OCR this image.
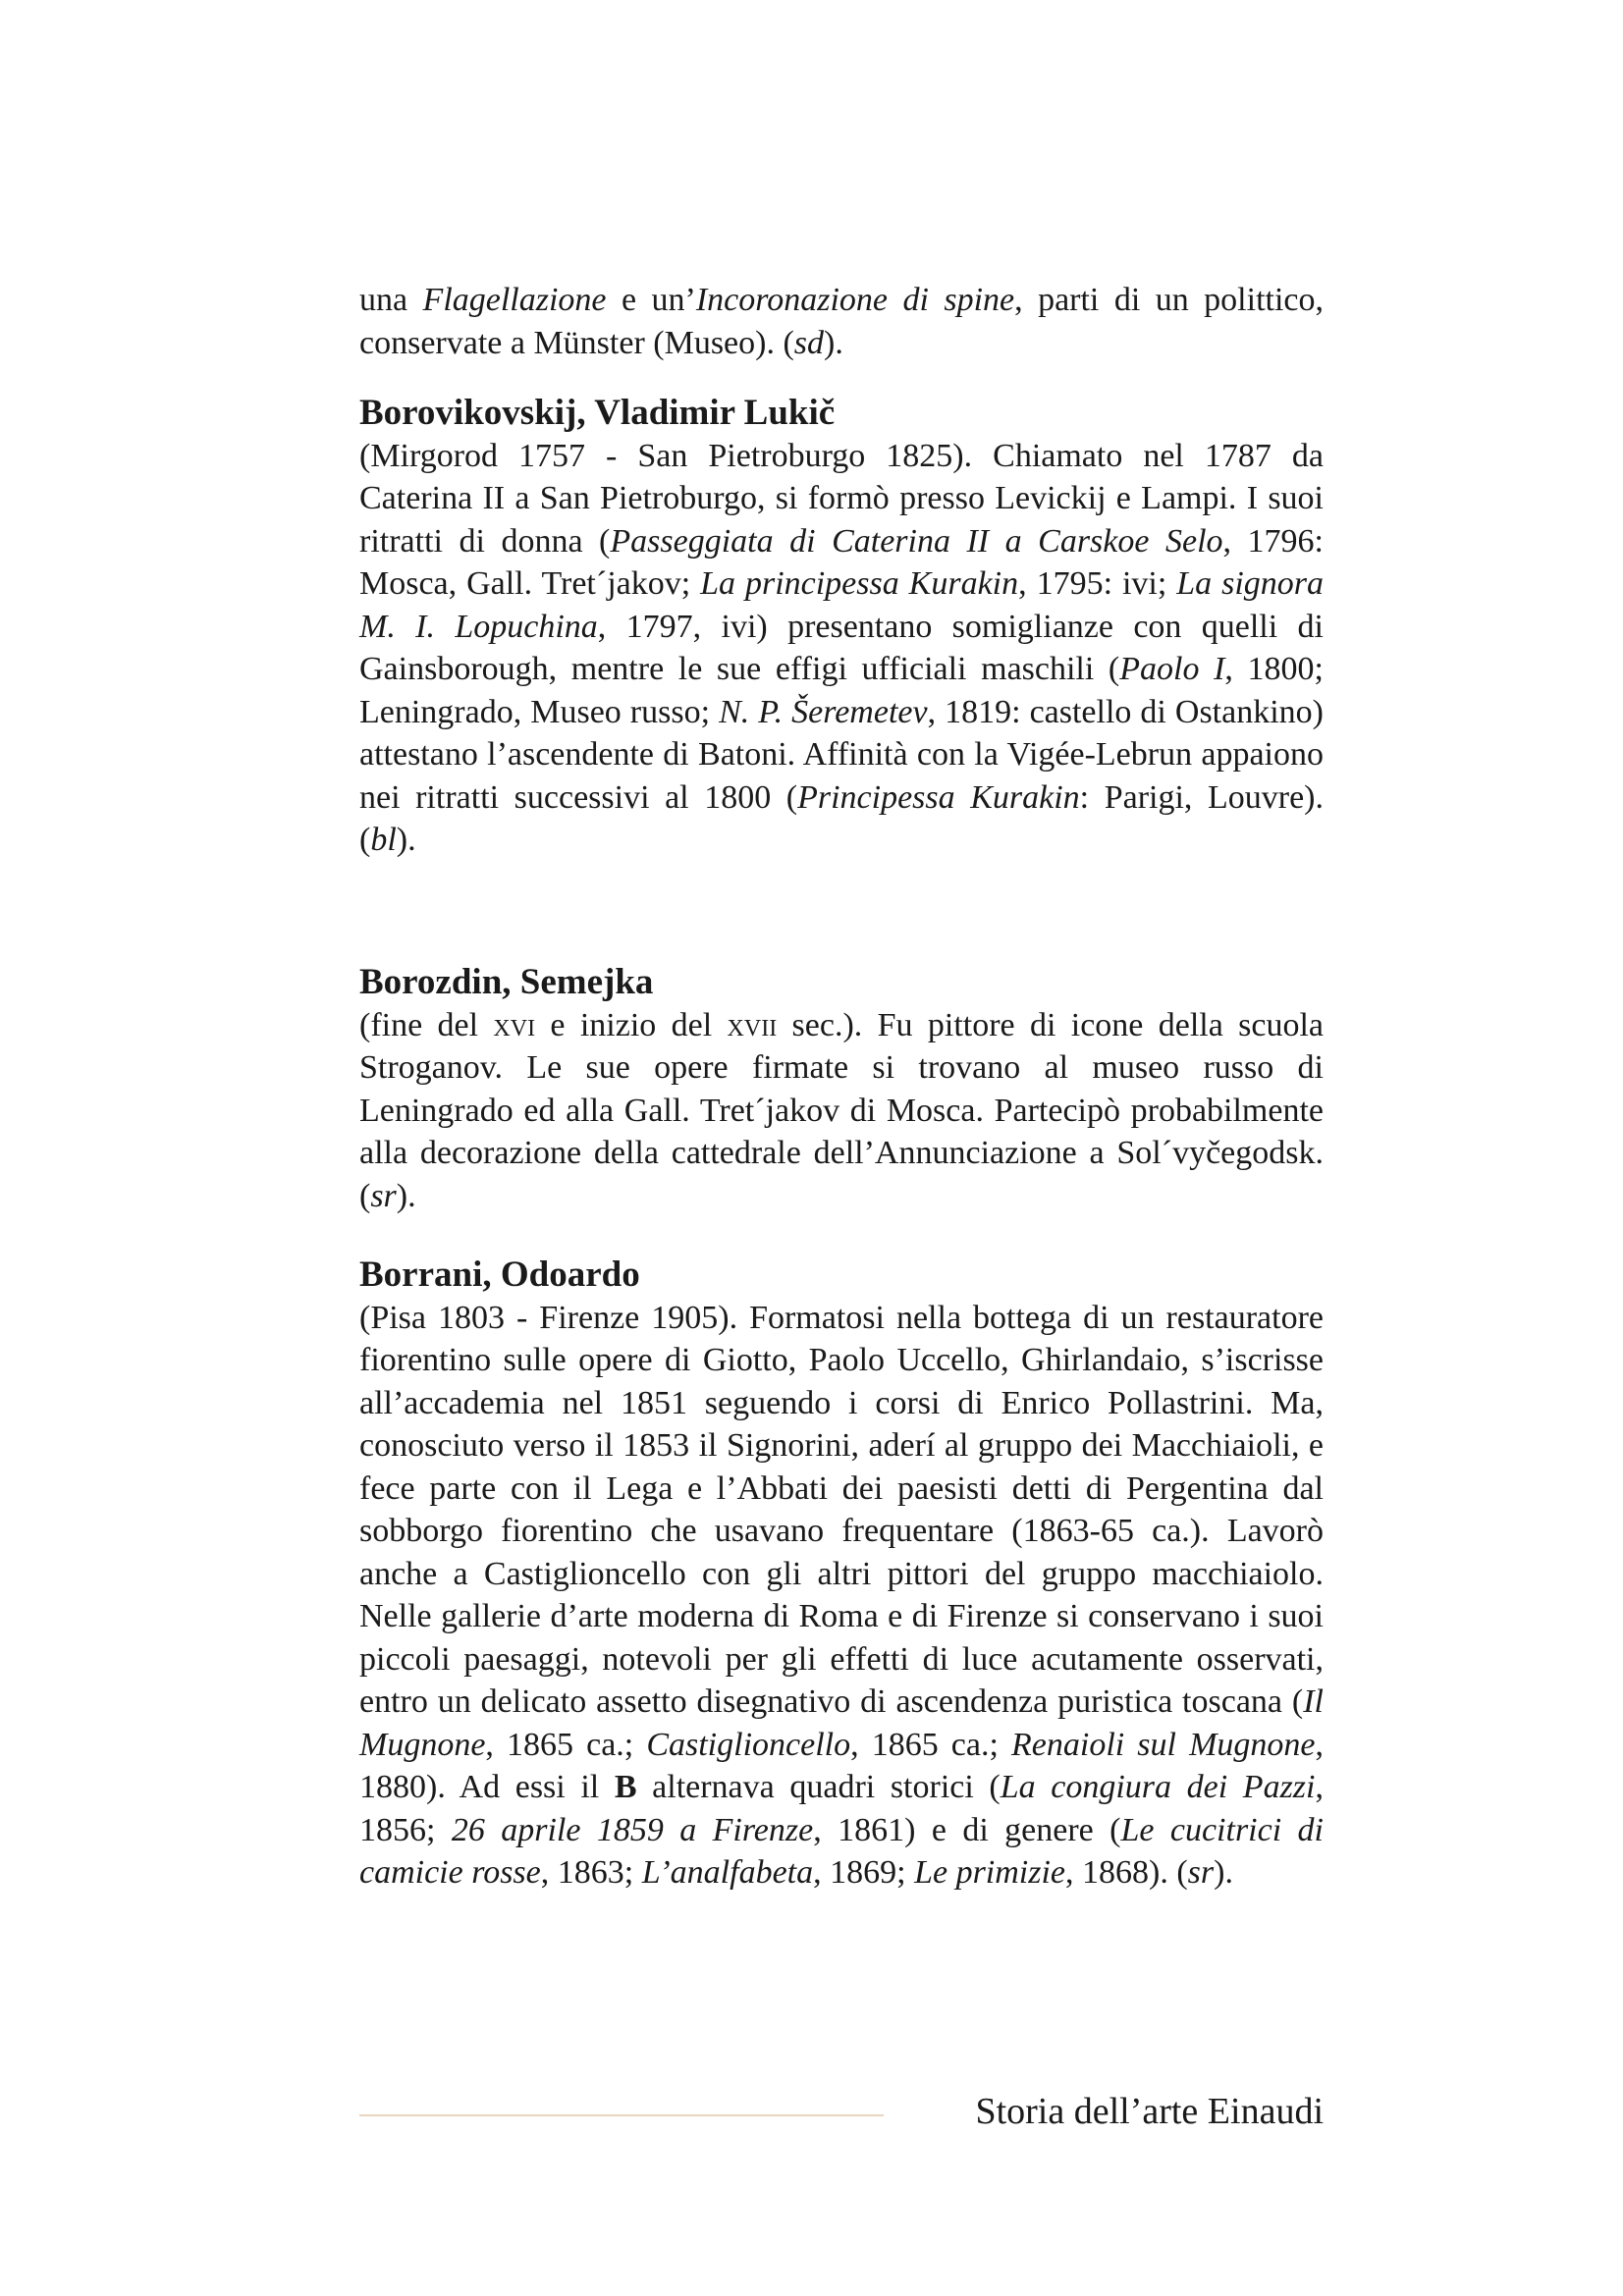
una Flagellazione e un’Incoronazione di spine, parti di un polittico, conservate a Münster (Museo). (sd).

Borovikovskij, Vladimir Lukič

(Mirgorod 1757 - San Pietroburgo 1825). Chiamato nel 1787 da Caterina II a San Pietroburgo, si formò presso Levickij e Lampi. I suoi ritratti di donna (Passeggiata di Caterina II a Carskoe Selo, 1796: Mosca, Gall. Tret´jakov; La principessa Kurakin, 1795: ivi; La signora M. I. Lopuchina, 1797, ivi) presentano somiglianze con quelli di Gainsborough, mentre le sue effigi ufficiali maschili (Paolo I, 1800; Leningrado, Museo russo; N. P. Šeremetev, 1819: castello di Ostankino) attestano l’ascendente di Batoni. Affinità con la Vigée-Lebrun appaiono nei ritratti successivi al 1800 (Principessa Kurakin: Parigi, Louvre). (bl).

Borozdin, Semejka

(fine del xvi e inizio del xvii sec.). Fu pittore di icone della scuola Stroganov. Le sue opere firmate si trovano al museo russo di Leningrado ed alla Gall. Tret´jakov di Mosca. Partecipò probabilmente alla decorazione della cattedrale dell’Annunciazione a Sol´vyčegodsk. (sr).

Borrani, Odoardo

(Pisa 1803 - Firenze 1905). Formatosi nella bottega di un restauratore fiorentino sulle opere di Giotto, Paolo Uccello, Ghirlandaio, s’iscrisse all’accademia nel 1851 seguendo i corsi di Enrico Pollastrini. Ma, conosciuto verso il 1853 il Signorini, aderí al gruppo dei Macchiaioli, e fece parte con il Lega e l’Abbati dei paesisti detti di Pergentina dal sobborgo fiorentino che usavano frequentare (1863-65 ca.). Lavorò anche a Castiglioncello con gli altri pittori del gruppo macchiaiolo. Nelle gallerie d’arte moderna di Roma e di Firenze si conservano i suoi piccoli paesaggi, notevoli per gli effetti di luce acutamente osservati, entro un delicato assetto disegnativo di ascendenza puristica toscana (Il Mugnone, 1865 ca.; Castiglioncello, 1865 ca.; Renaioli sul Mugnone, 1880). Ad essi il B alternava quadri storici (La congiura dei Pazzi, 1856; 26 aprile 1859 a Firenze, 1861) e di genere (Le cucitrici di camicie rosse, 1863; L’analfabeta, 1869; Le primizie, 1868). (sr).

Storia dell’arte Einaudi
